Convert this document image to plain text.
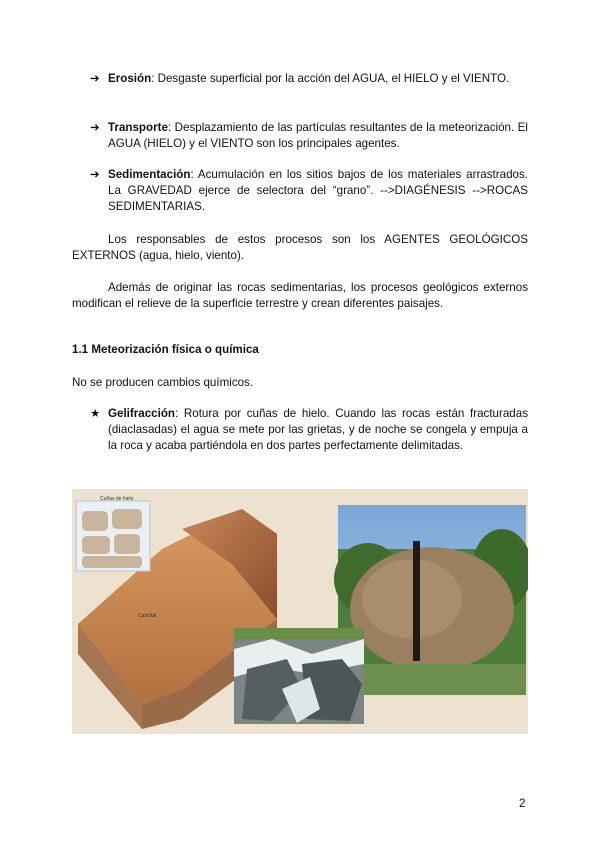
➔ Erosión: Desgaste superficial por la acción del AGUA, el HIELO y el VIENTO.
➔ Transporte: Desplazamiento de las partículas resultantes de la meteorización. El AGUA (HIELO) y el VIENTO son los principales agentes.
➔ Sedimentación: Acumulación en los sitios bajos de los materiales arrastrados. La GRAVEDAD ejerce de selectora del “grano”. -->DIAGÉNESIS -->ROCAS SEDIMENTARIAS.

Los responsables de estos procesos son los AGENTES GEOLÓGICOS EXTERNOS (agua, hielo, viento).

Además de originar las rocas sedimentarias, los procesos geológicos externos modifican el relieve de la superficie terrestre y crean diferentes paisajes.

1.1 Meteorización física o química
No se producen cambios químicos.
★ Gelifracción: Rotura por cuñas de hielo. Cuando las rocas están fracturadas (diaclasadas) el agua se mete por las grietas, y de noche se congela y empuja a la roca y acaba partiéndola en dos partes perfectamente delimitadas.
Cuñas de hielo
Canchal
2
